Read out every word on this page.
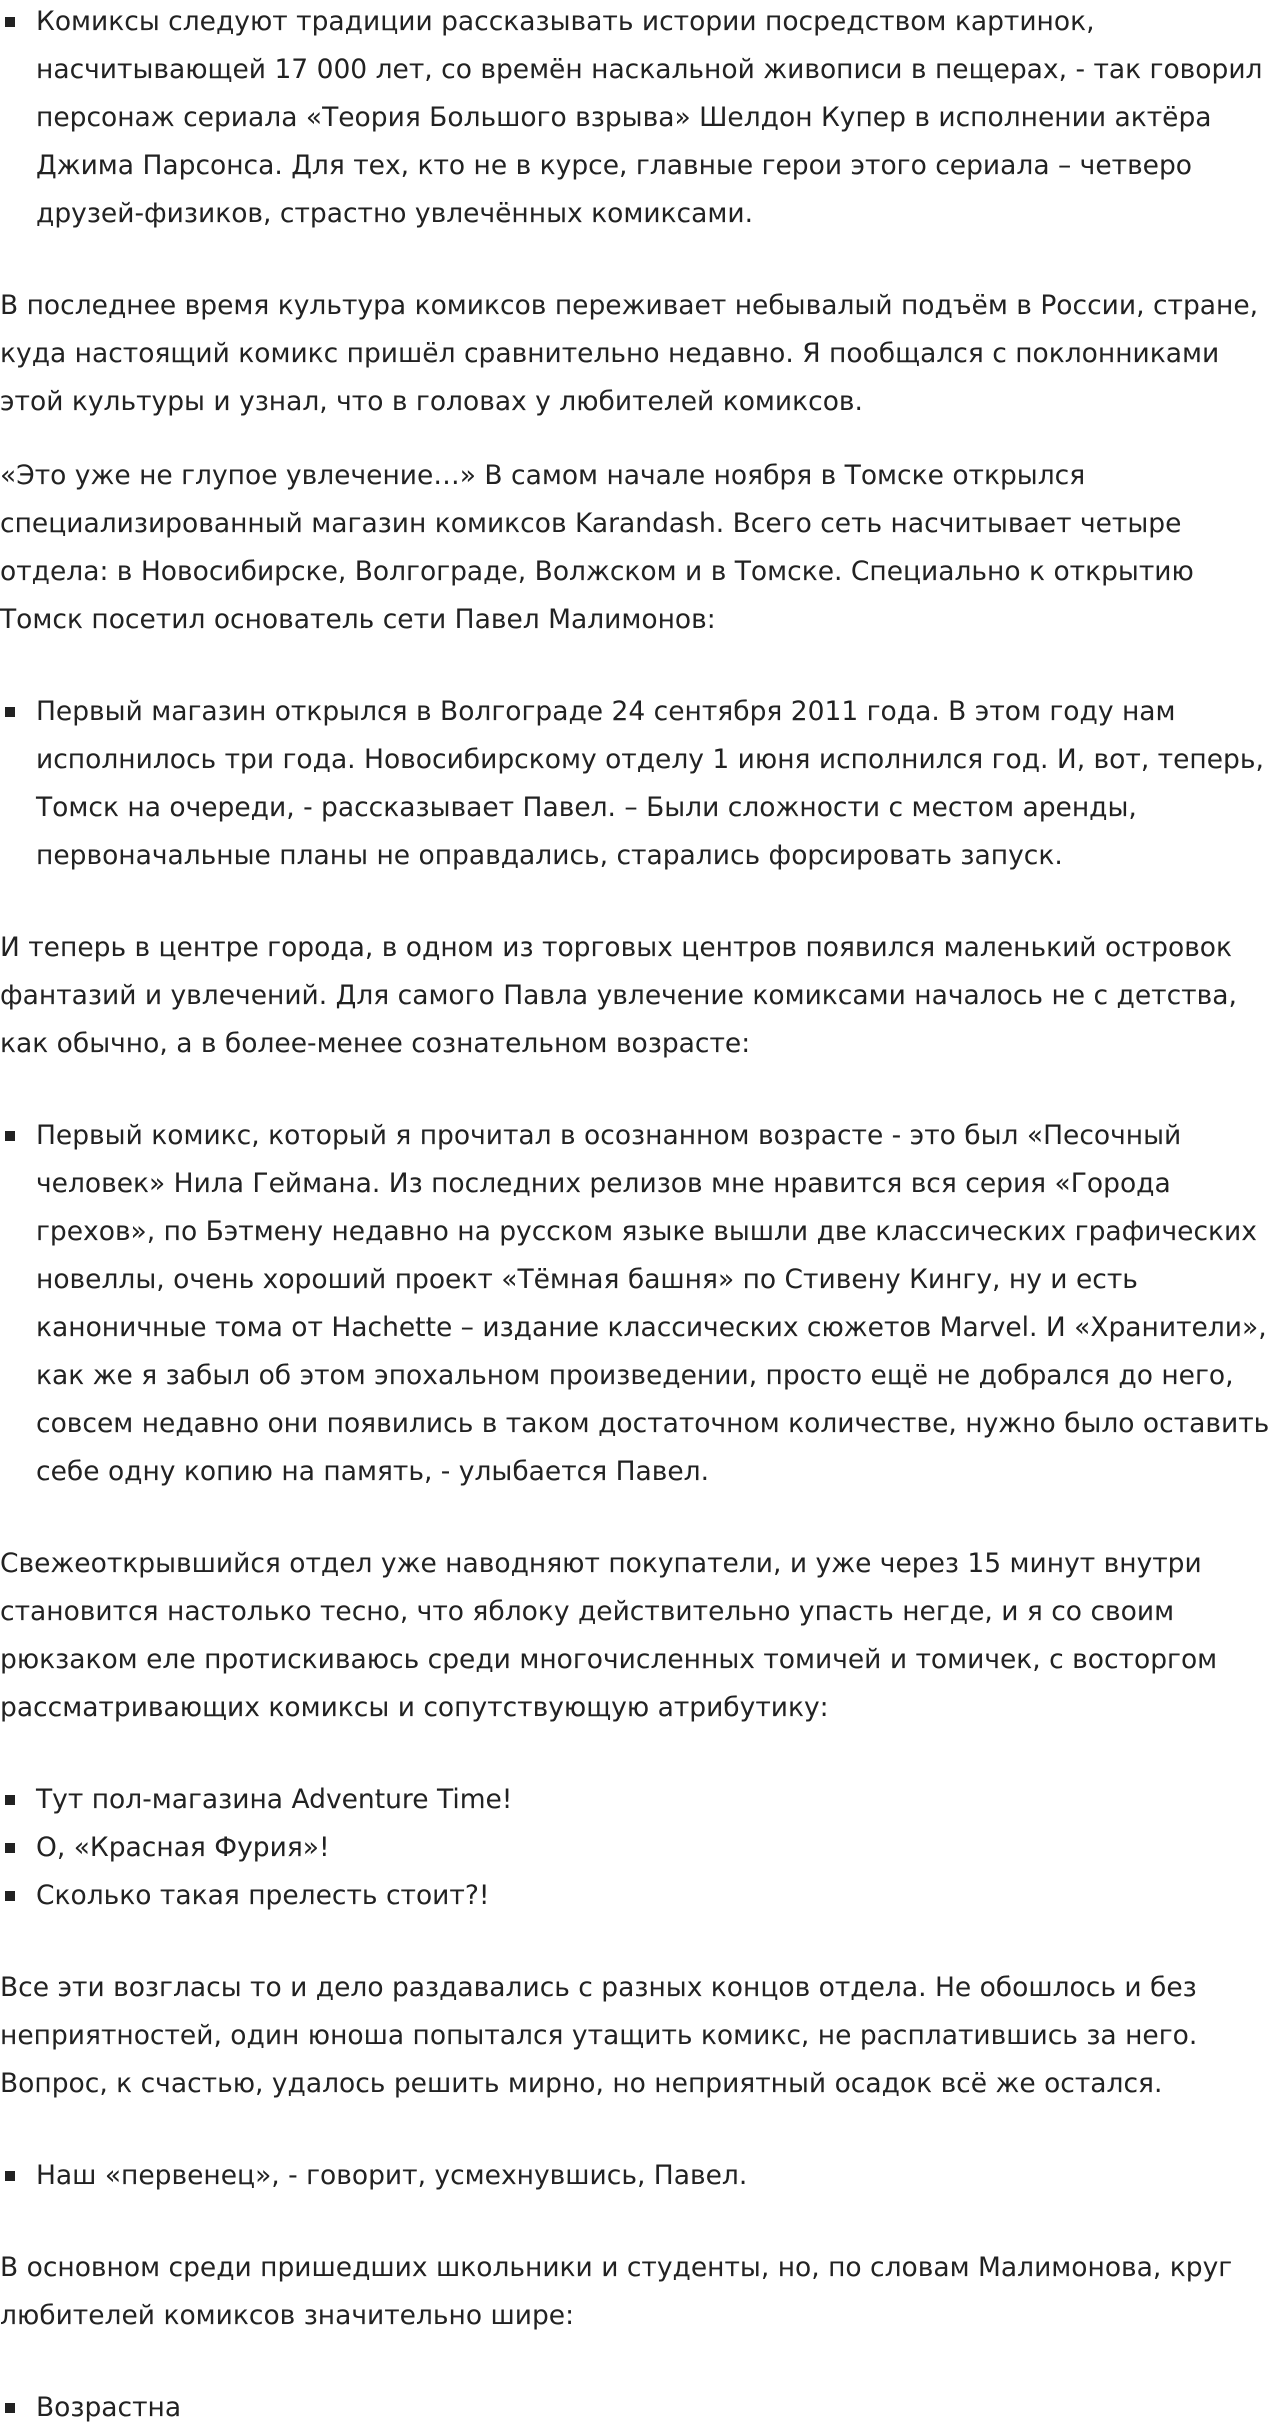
Комиксы следуют традиции рассказывать истории посредством картинок, насчитывающей 17 000 лет, со времён наскальной живописи в пещерах, - так говорил персонаж сериала «Теория Большого взрыва» Шелдон Купер в исполнении актёра Джима Парсонса. Для тех, кто не в курсе, главные герои этого сериала – четверо друзей-физиков, страстно увлечённых комиксами.

В последнее время культура комиксов переживает небывалый подъём в России, стране, куда настоящий комикс пришёл сравнительно недавно. Я пообщался с поклонниками этой культуры и узнал, что в головах у любителей комиксов.

«Это уже не глупое увлечение…» В самом начале ноября в Томске открылся специализированный магазин комиксов Karandash. Всего сеть насчитывает четыре отдела: в Новосибирске, Волгограде, Волжском и в Томске. Специально к открытию Томск посетил основатель сети Павел Малимонов:

Первый магазин открылся в Волгограде 24 сентября 2011 года. В этом году нам исполнилось три года. Новосибирскому отделу 1 июня исполнился год. И, вот, теперь, Томск на очереди, - рассказывает Павел. – Были сложности с местом аренды, первоначальные планы не оправдались, старались форсировать запуск.

И теперь в центре города, в одном из торговых центров появился маленький островок фантазий и увлечений. Для самого Павла увлечение комиксами началось не с детства, как обычно, а в более-менее сознательном возрасте:

Первый комикс, который я прочитал в осознанном возрасте - это был «Песочный человек» Нила Геймана. Из последних релизов мне нравится вся серия «Города грехов», по Бэтмену недавно на русском языке вышли две классических графических новеллы, очень хороший проект «Тёмная башня» по Стивену Кингу, ну и есть каноничные тома от Hachette – издание классических сюжетов Marvel. И «Хранители», как же я забыл об этом эпохальном произведении, просто ещё не добрался до него, совсем недавно они появились в таком достаточном количестве, нужно было оставить себе одну копию на память, - улыбается Павел.

Свежеоткрывшийся отдел уже наводняют покупатели, и уже через 15 минут внутри становится настолько тесно, что яблоку действительно упасть негде, и я со своим рюкзаком еле протискиваюсь среди многочисленных томичей и томичек, с восторгом рассматривающих комиксы и сопутствующую атрибутику:

Тут пол-магазина Adventure Time!
О, «Красная Фурия»!
Сколько такая прелесть стоит?!

Все эти возгласы то и дело раздавались с разных концов отдела. Не обошлось и без неприятностей, один юноша попытался утащить комикс, не расплатившись за него. Вопрос, к счастью, удалось решить мирно, но неприятный осадок всё же остался.

Наш «первенец», - говорит, усмехнувшись, Павел.

В основном среди пришедших школьники и студенты, но, по словам Малимонова, круг любителей комиксов значительно шире:

Возрастна
